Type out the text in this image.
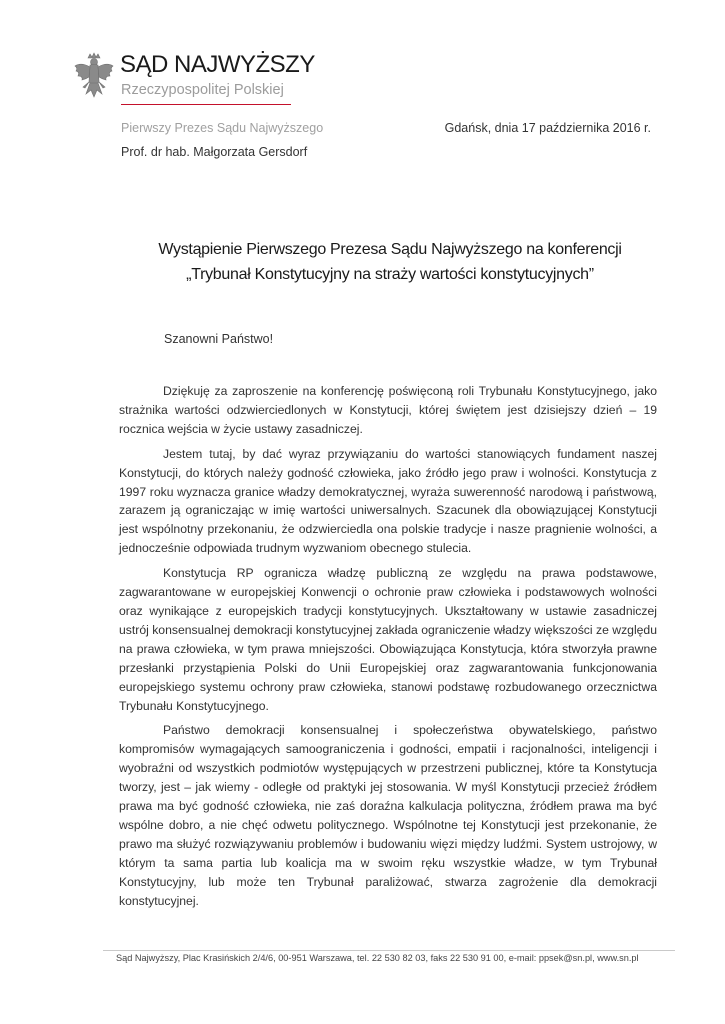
SĄD NAJWYŻSZY
Rzeczypospolitej Polskiej
Pierwszy Prezes Sądu Najwyższego	Gdańsk, dnia 17 października 2016 r.
Prof. dr hab. Małgorzata Gersdorf
Wystąpienie Pierwszego Prezesa Sądu Najwyższego na konferencji
„Trybunał Konstytucyjny na straży wartości konstytucyjnych”
Szanowni Państwo!

Dziękuję za zaproszenie na konferencję poświęconą roli Trybunału Konstytucyjnego, jako strażnika wartości odzwierciedlonych w Konstytucji, której świętem jest dzisiejszy dzień – 19 rocznica wejścia w życie ustawy zasadniczej.

Jestem tutaj, by dać wyraz przywiązaniu do wartości stanowiących fundament naszej Konstytucji, do których należy godność człowieka, jako źródło jego praw i wolności. Konstytucja z 1997 roku wyznacza granice władzy demokratycznej, wyraża suwerenność narodową i państwową, zarazem ją ograniczając w imię wartości uniwersalnych. Szacunek dla obowiązującej Konstytucji jest wspólnotny przekonaniu, że odzwierciedla ona polskie tradycje i nasze pragnienie wolności, a jednocześnie odpowiada trudnym wyzwaniom obecnego stulecia.

Konstytucja RP ogranicza władzę publiczną ze względu na prawa podstawowe, zagwarantowane w europejskiej Konwencji o ochronie praw człowieka i podstawowych wolności oraz wynikające z europejskich tradycji konstytucyjnych. Ukształtowany w ustawie zasadniczej ustrój konsensualnej demokracji konstytucyjnej zakłada ograniczenie władzy większości ze względu na prawa człowieka, w tym prawa mniejszości. Obowiązująca Konstytucja, która stworzyła prawne przesłanki przystąpienia Polski do Unii Europejskiej oraz zagwarantowania funkcjonowania europejskiego systemu ochrony praw człowieka, stanowi podstawę rozbudowanego orzecznictwa Trybunału Konstytucyjnego.

Państwo demokracji konsensualnej i społeczeństwa obywatelskiego, państwo kompromisów wymagających samoograniczenia i godności, empatii i racjonalności, inteligencji i wyobraźni od wszystkich podmiotów występujących w przestrzeni publicznej, które ta Konstytucja tworzy, jest – jak wiemy - odległe od praktyki jej stosowania. W myśl Konstytucji przecież źródłem prawa ma być godność człowieka, nie zaś doraźna kalkulacja polityczna, źródłem prawa ma być wspólne dobro, a nie chęć odwetu politycznego. Wspólnotne tej Konstytucji jest przekonanie, że prawo ma służyć rozwiązywaniu problemów i budowaniu więzi między ludźmi. System ustrojowy, w którym ta sama partia lub koalicja ma w swoim ręku wszystkie władze, w tym Trybunał Konstytucyjny, lub może ten Trybunał paraliżować, stwarza zagrożenie dla demokracji konstytucyjnej.

Sąd Najwyższy, Plac Krasińskich 2/4/6, 00-951 Warszawa, tel. 22 530 82 03, faks 22 530 91 00, e-mail: ppsek@sn.pl, www.sn.pl
